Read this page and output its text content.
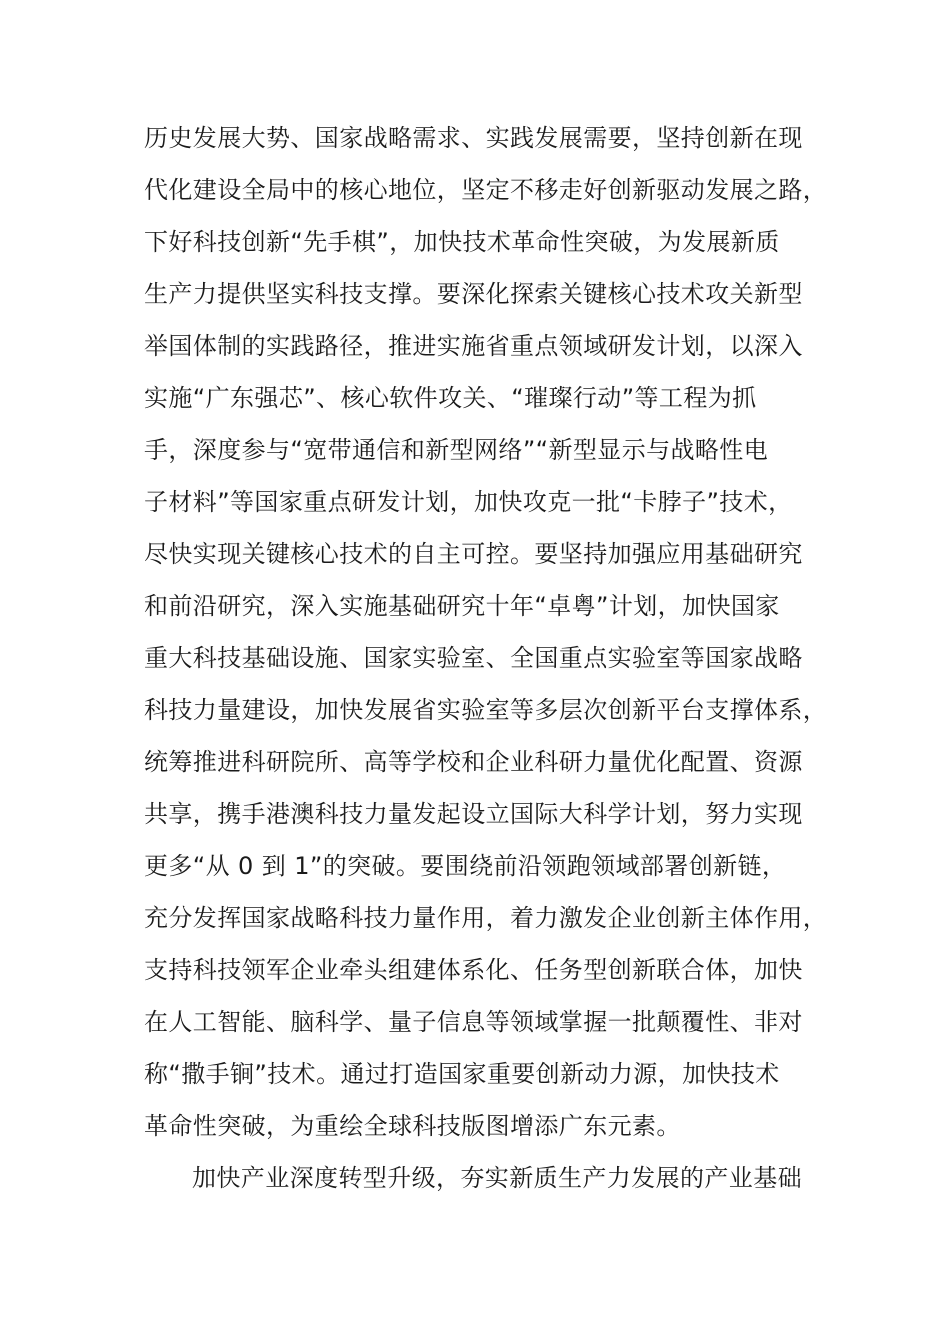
历史发展大势、国家战略需求、实践发展需要，坚持创新在现
代化建设全局中的核心地位，坚定不移走好创新驱动发展之路，
下好科技创新“先手棋”，加快技术革命性突破，为发展新质
生产力提供坚实科技支撑。要深化探索关键核心技术攻关新型
举国体制的实践路径，推进实施省重点领域研发计划，以深入
实施“广东强芯”、核心软件攻关、“璀璨行动”等工程为抓
手，深度参与“宽带通信和新型网络”“新型显示与战略性电
子材料”等国家重点研发计划，加快攻克一批“卡脖子”技术，
尽快实现关键核心技术的自主可控。要坚持加强应用基础研究
和前沿研究，深入实施基础研究十年“卓粤”计划，加快国家
重大科技基础设施、国家实验室、全国重点实验室等国家战略
科技力量建设，加快发展省实验室等多层次创新平台支撑体系，
统筹推进科研院所、高等学校和企业科研力量优化配置、资源
共享，携手港澳科技力量发起设立国际大科学计划，努力实现
更多“从 0 到 1”的突破。要围绕前沿领跑领域部署创新链，
充分发挥国家战略科技力量作用，着力激发企业创新主体作用，
支持科技领军企业牵头组建体系化、任务型创新联合体，加快
在人工智能、脑科学、量子信息等领域掌握一批颠覆性、非对
称“撒手锏”技术。通过打造国家重要创新动力源，加快技术
革命性突破，为重绘全球科技版图增添广东元素。
加快产业深度转型升级，夯实新质生产力发展的产业基础
